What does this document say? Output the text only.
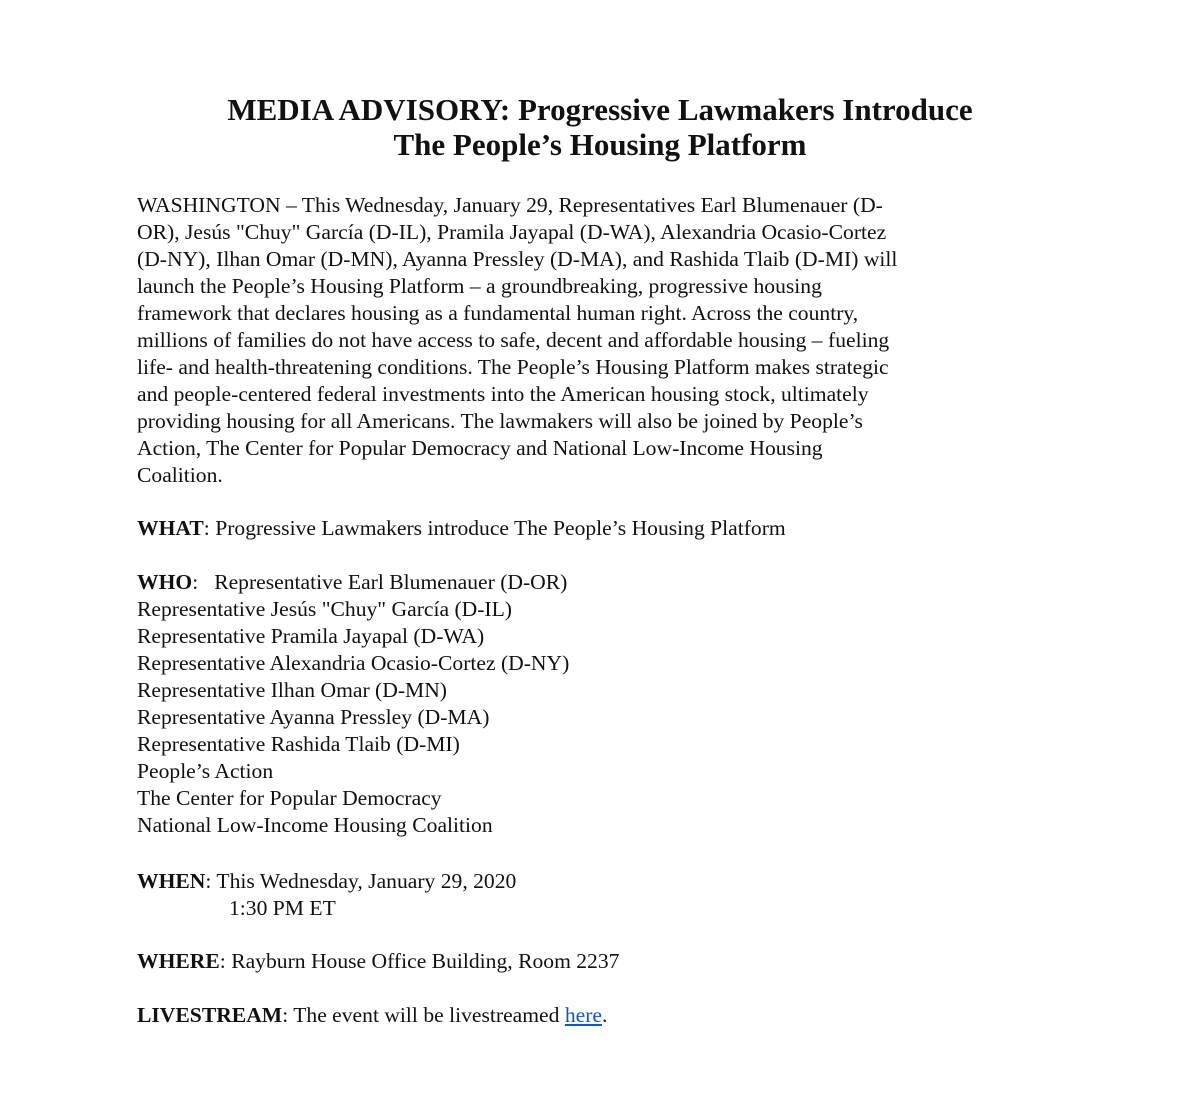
MEDIA ADVISORY: Progressive Lawmakers Introduce
The People’s Housing Platform

WASHINGTON – This Wednesday, January 29, Representatives Earl Blumenauer (D-
OR), Jesús "Chuy" García (D-IL), Pramila Jayapal (D-WA), Alexandria Ocasio-Cortez
(D-NY), Ilhan Omar (D-MN), Ayanna Pressley (D-MA), and Rashida Tlaib (D-MI) will
launch the People’s Housing Platform – a groundbreaking, progressive housing
framework that declares housing as a fundamental human right. Across the country,
millions of families do not have access to safe, decent and affordable housing – fueling
life- and health-threatening conditions. The People’s Housing Platform makes strategic
and people-centered federal investments into the American housing stock, ultimately
providing housing for all Americans. The lawmakers will also be joined by People’s
Action, The Center for Popular Democracy and National Low-Income Housing
Coalition.

WHAT: Progressive Lawmakers introduce The People’s Housing Platform

WHO: Representative Earl Blumenauer (D-OR)
Representative Jesús "Chuy" García (D-IL)
Representative Pramila Jayapal (D-WA)
Representative Alexandria Ocasio-Cortez (D-NY)
Representative Ilhan Omar (D-MN)
Representative Ayanna Pressley (D-MA)
Representative Rashida Tlaib (D-MI)
People’s Action
The Center for Popular Democracy
National Low-Income Housing Coalition

WHEN: This Wednesday, January 29, 2020

1:30 PM ET

WHERE: Rayburn House Office Building, Room 2237

LIVESTREAM: The event will be livestreamed here.
